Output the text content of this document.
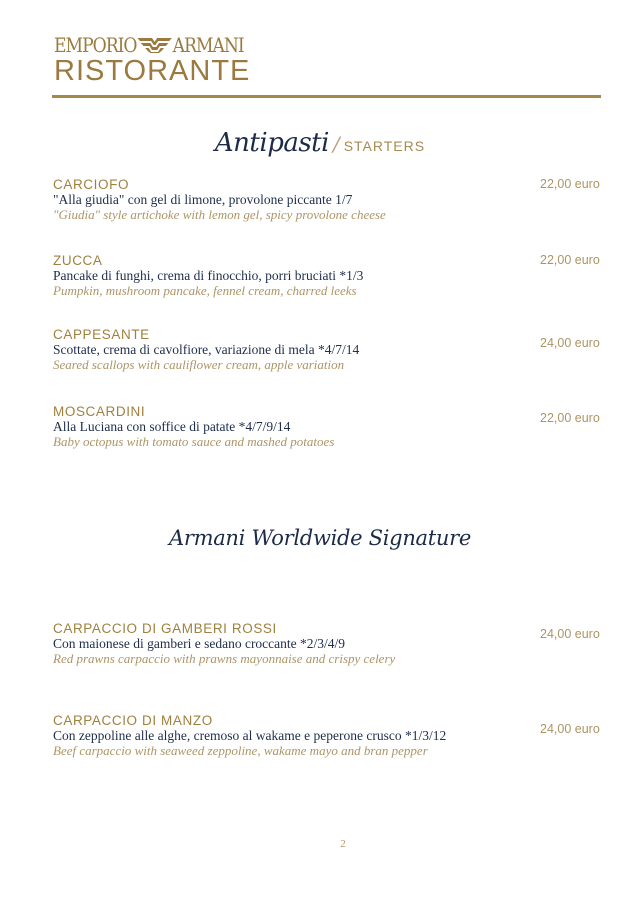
EMPORIO ARMANI
RISTORANTE
Antipasti / STARTERS
CARCIOFO
"Alla giudia" con gel di limone, provolone piccante 1/7
"Giudia" style artichoke with lemon gel, spicy provolone cheese
22,00 euro
ZUCCA
Pancake di funghi, crema di finocchio, porri bruciati *1/3
Pumpkin, mushroom pancake, fennel cream, charred leeks
22,00 euro
CAPPESANTE
Scottate, crema di cavolfiore, variazione di mela *4/7/14
Seared scallops with cauliflower cream, apple variation
24,00 euro
MOSCARDINI
Alla Luciana con soffice di patate *4/7/9/14
Baby octopus with tomato sauce and mashed potatoes
22,00 euro
Armani Worldwide Signature
CARPACCIO DI GAMBERI ROSSI
Con maionese di gamberi e sedano croccante *2/3/4/9
Red prawns carpaccio with prawns mayonnaise and crispy celery
24,00 euro
CARPACCIO DI MANZO
Con zeppoline alle alghe, cremoso al wakame e peperone crusco *1/3/12
Beef carpaccio with seaweed zeppoline, wakame mayo and bran pepper
24,00 euro
2
